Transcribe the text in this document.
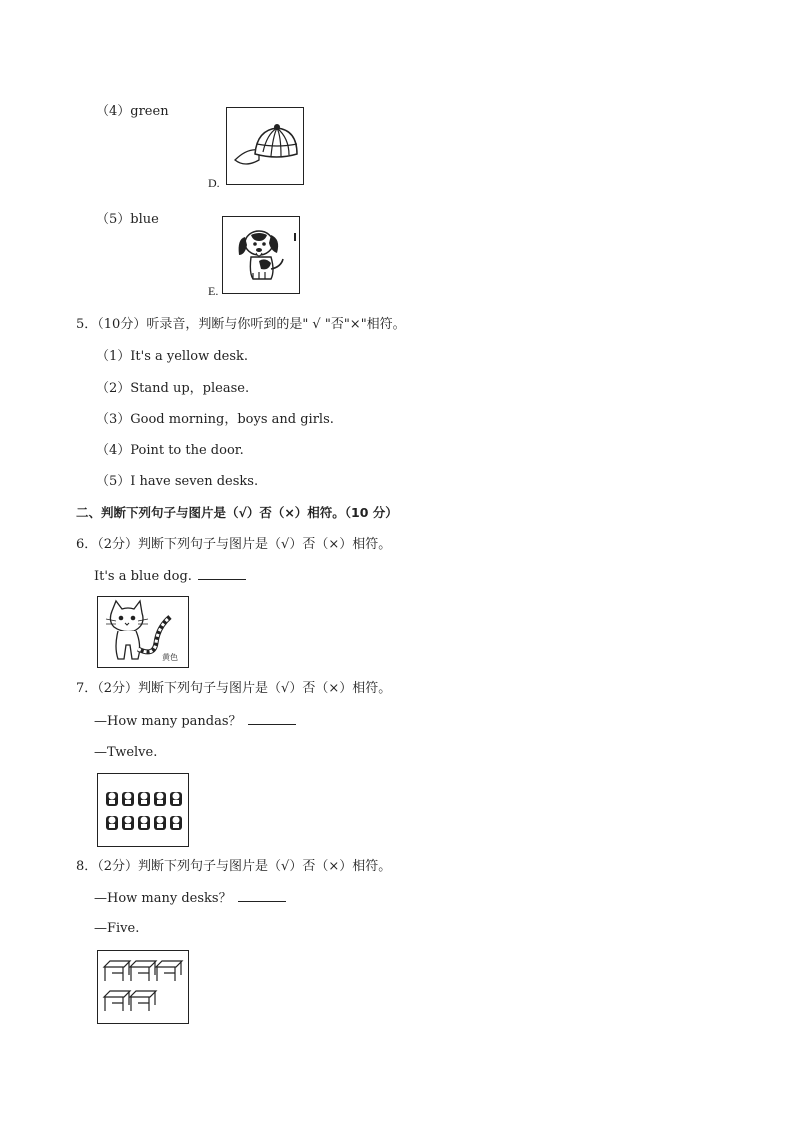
（4）green
D.
（5）blue
E.
5．（10分）听录音，判断与你听到的是" √ "否"×"相符。
（1）It's a yellow desk.
（2）Stand up，please.
（3）Good morning，boys and girls.
（4）Point to the door.
（5）I have seven desks.
二、判断下列句子与图片是（√）否（×）相符。（10 分）
6．（2分）判断下列句子与图片是（√）否（×）相符。
It's a blue dog.
黄色
7．（2分）判断下列句子与图片是（√）否（×）相符。
—How many pandas？
—Twelve.
8．（2分）判断下列句子与图片是（√）否（×）相符。
—How many desks？
—Five.
